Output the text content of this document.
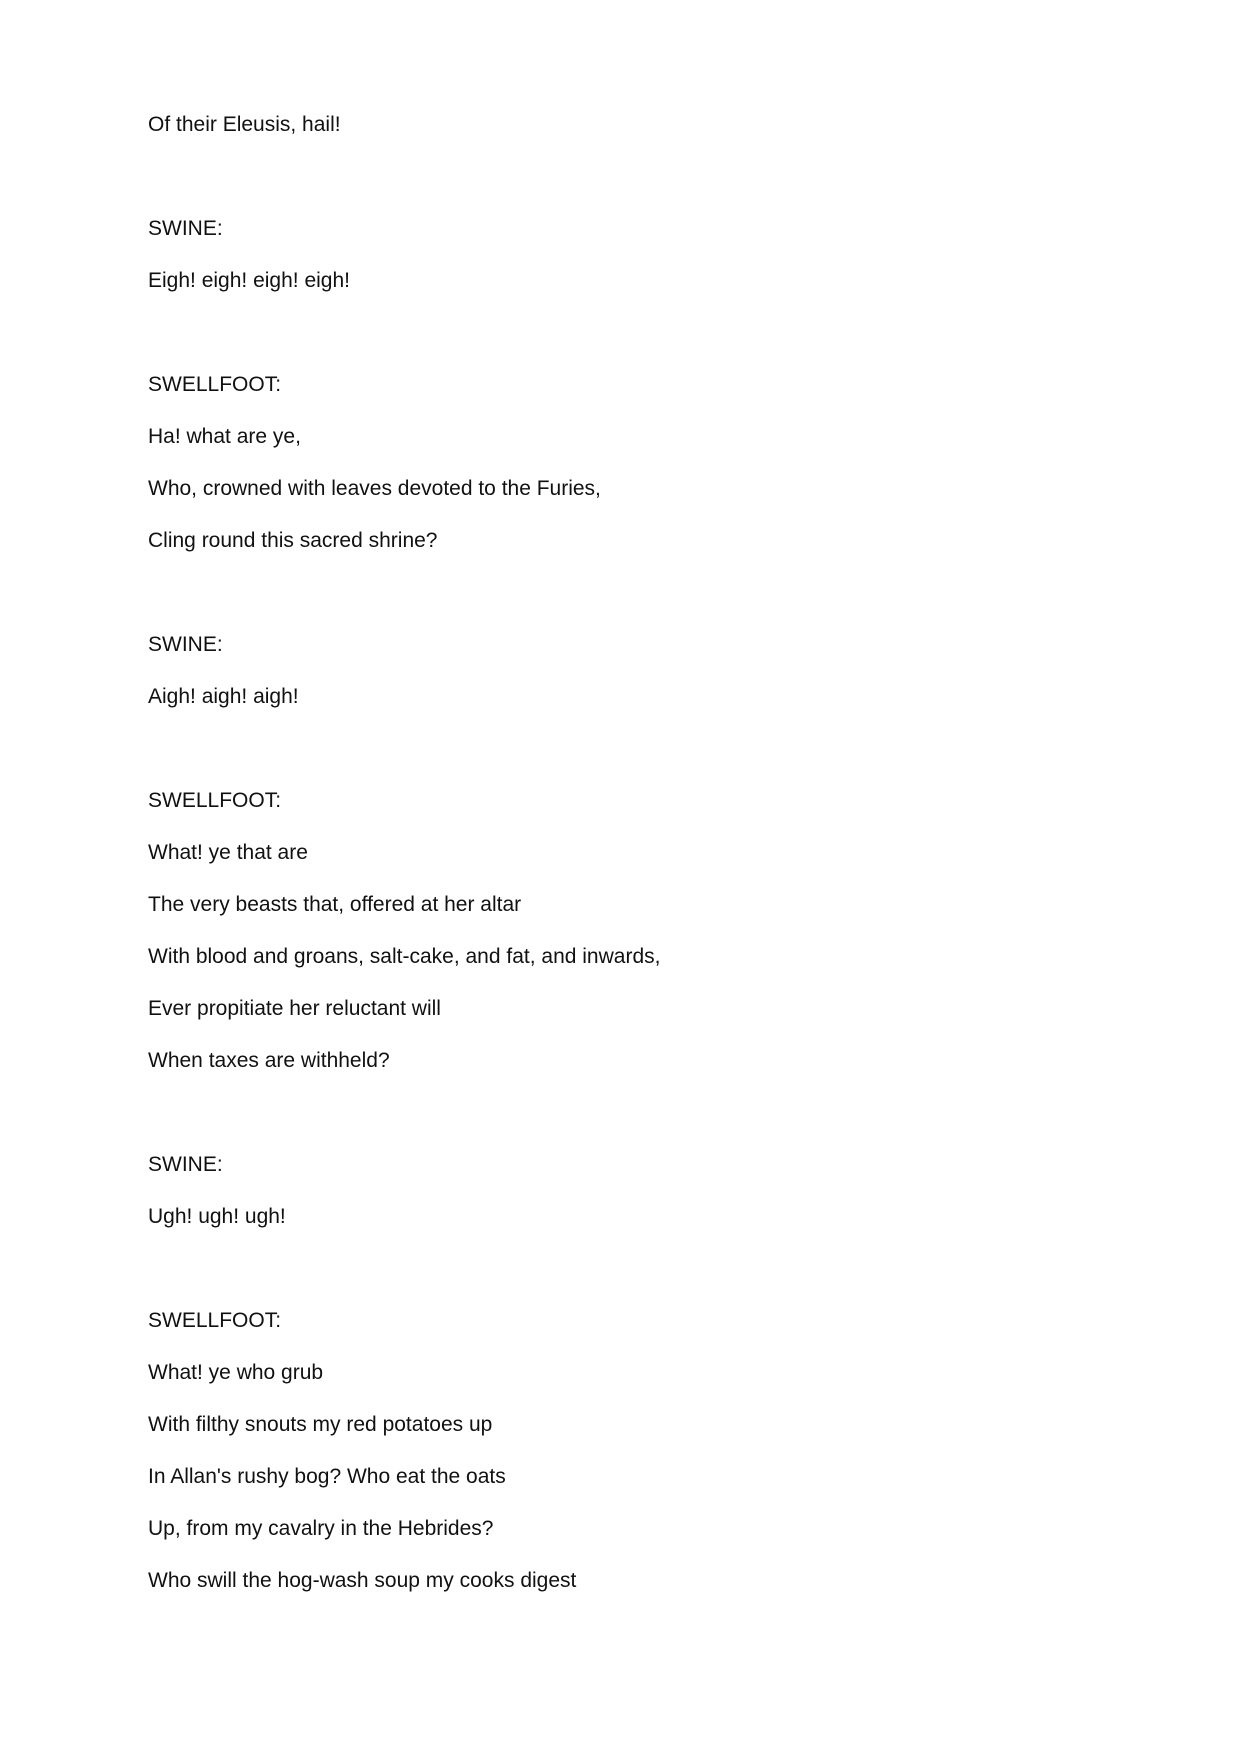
Of their Eleusis, hail!

SWINE:

Eigh! eigh! eigh! eigh!

SWELLFOOT:

Ha! what are ye,

Who, crowned with leaves devoted to the Furies,

Cling round this sacred shrine?

SWINE:

Aigh! aigh! aigh!

SWELLFOOT:

What! ye that are

The very beasts that, offered at her altar

With blood and groans, salt-cake, and fat, and inwards,

Ever propitiate her reluctant will

When taxes are withheld?

SWINE:

Ugh! ugh! ugh!

SWELLFOOT:

What! ye who grub

With filthy snouts my red potatoes up

In Allan's rushy bog? Who eat the oats

Up, from my cavalry in the Hebrides?

Who swill the hog-wash soup my cooks digest
